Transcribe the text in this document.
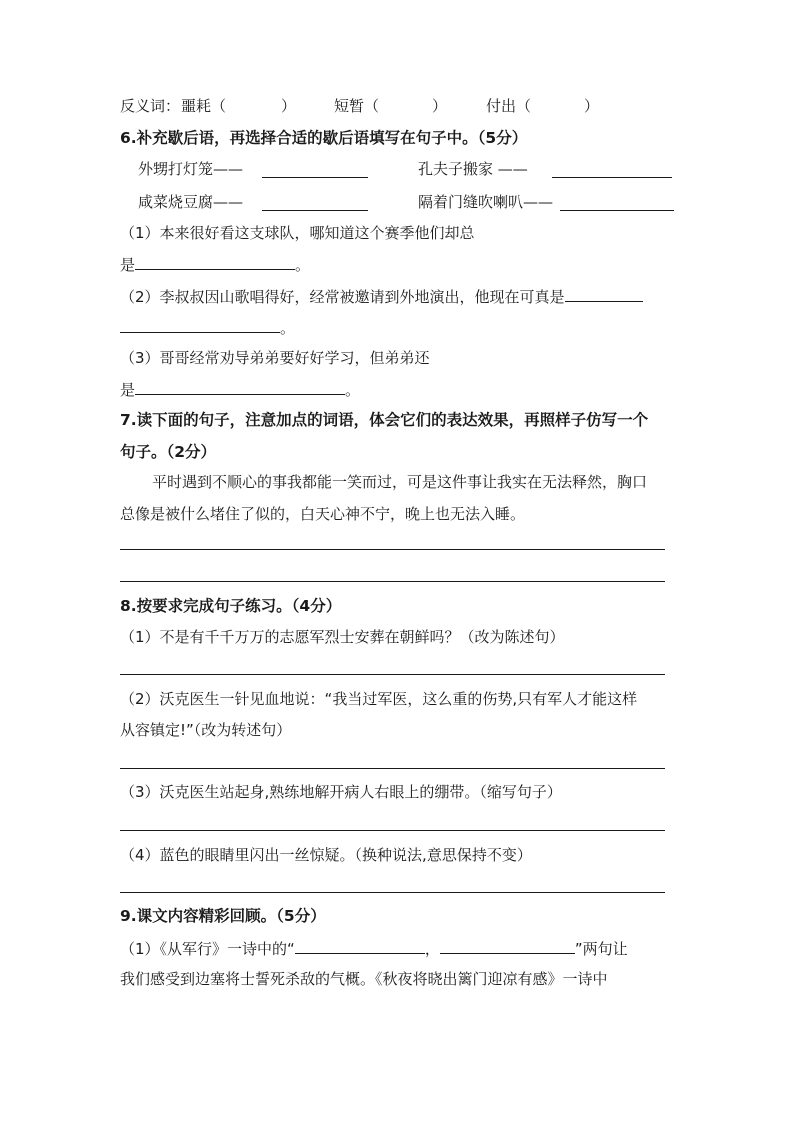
反义词： 噩耗（	）	短暂（	）	付出（	）
6.补充歇后语，再选择合适的歇后语填写在句子中。（5分）
外甥打灯笼——	孔夫子搬家 ——
咸菜烧豆腐——	隔着门缝吹喇叭——
（1）本来很好看这支球队，哪知道这个赛季他们却总
是	。
（2）李叔叔因山歌唱得好，经常被邀请到外地演出，他现在可真是
。
（3）哥哥经常劝导弟弟要好好学习，但弟弟还
是	。
7.读下面的句子，注意加点的词语，体会它们的表达效果，再照样子仿写一个
句子。（2分）
平时遇到不顺心的事我都能一笑而过，可是这件事让我实在无法释然，胸口
总像是被什么堵住了似的，白天心神不宁，晚上也无法入睡。
8.按要求完成句子练习。（4分）
（1）不是有千千万万的志愿军烈士安葬在朝鲜吗？（改为陈述句）
（2）沃克医生一针见血地说：“我当过军医，这么重的伤势,只有军人才能这样
从容镇定!”（改为转述句）
（3）沃克医生站起身,熟练地解开病人右眼上的绷带。（缩写句子）
（4）蓝色的眼睛里闪出一丝惊疑。（换种说法,意思保持不变）
9.课文内容精彩回顾。（5分）
（1）《从军行》一诗中的“	，	”两句让
我们感受到边塞将士誓死杀敌的气概。《秋夜将晓出篱门迎凉有感》一诗中
